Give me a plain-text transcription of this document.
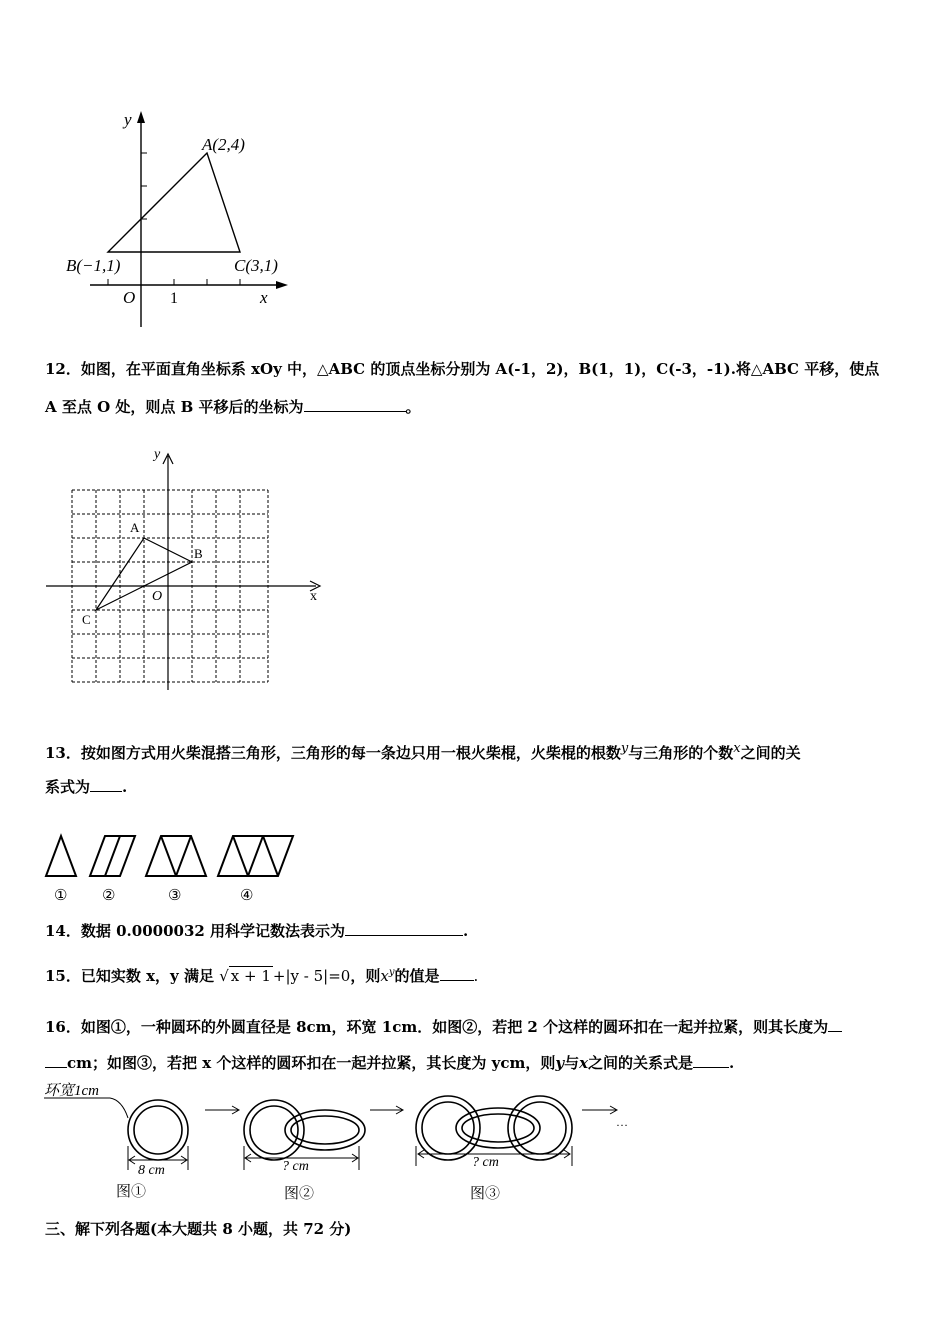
y
x
O 1
A(2,4)
B(−1,1)	C(3,1)
12．如图，在平面直角坐标系 xOy 中，△ABC 的顶点坐标分别为 A(-1，2)，B(1，1)，C(-3，-1).将△ABC 平移，使点
A 至点 O 处，则点 B 平移后的坐标为	。
y
x
O
A
B
C
13．按如图方式用火柴混搭三角形，三角形的每一条边只用一根火柴棍，火柴棍的根数$^y$与三角形的个数$^x$之间的关
系式为 .
① ②	③	④
14．数据 0.0000032 用科学记数法表示为	.
15．已知实数 x，y 满足 √ x + 1 +|y - 5|=0，则$x^y$的值是 .
16．如图①，一种圆环的外圆直径是 8cm，环宽 1cm．如图②，若把 2 个这样的圆环扣在一起并拉紧，则其长度为
cm；如图③，若把 x 个这样的圆环扣在一起并拉紧，其长度为 ycm，则y与x之间的关系式是 .
环宽1cm
8 cm	? cm	? cm
…
图①	图②	图③
三、解下列各题(本大题共 8 小题，共 72 分)
